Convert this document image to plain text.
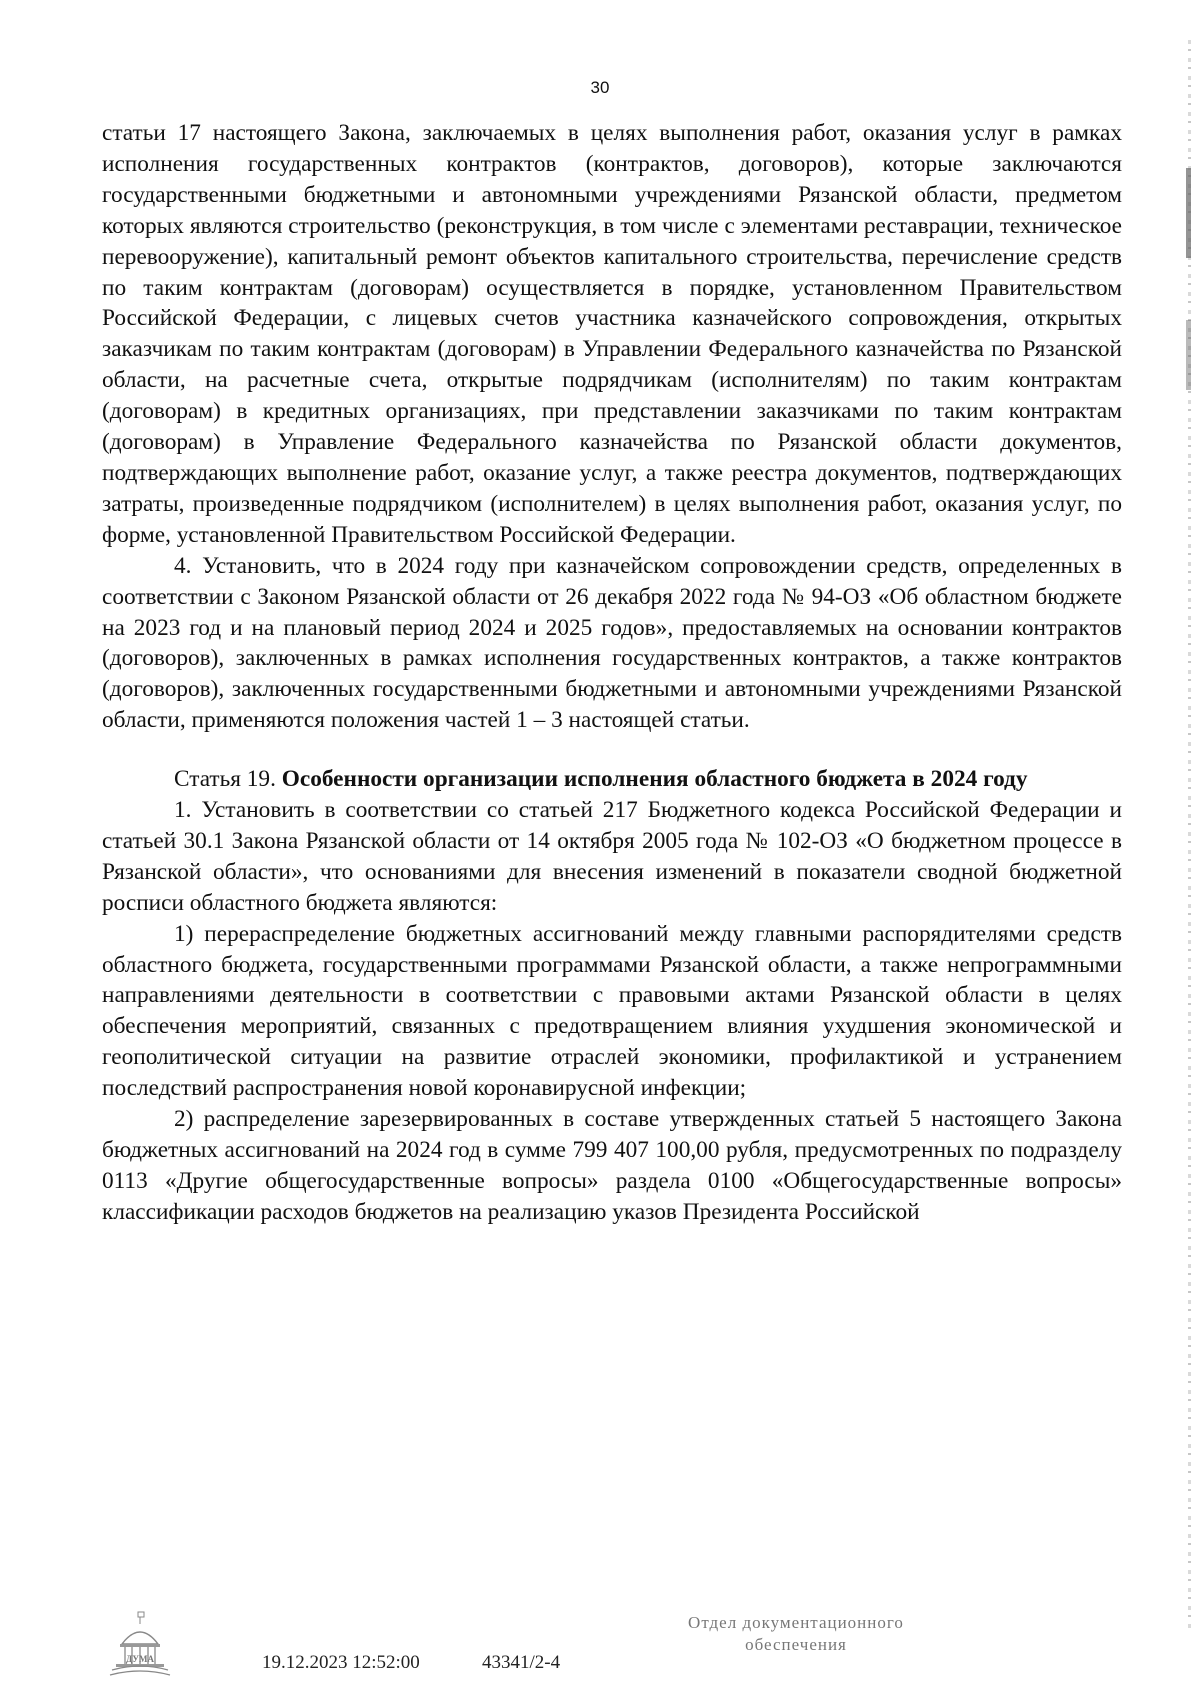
30

статьи 17 настоящего Закона, заключаемых в целях выполнения работ, оказания услуг в рамках исполнения государственных контрактов (контрактов, договоров), которые заключаются государственными бюджетными и автономными учреждениями Рязанской области, предметом которых являются строительство (реконструкция, в том числе с элементами реставрации, техническое перевооружение), капитальный ремонт объектов капитального строительства, перечисление средств по таким контрактам (договорам) осуществляется в порядке, установленном Правительством Российской Федерации, с лицевых счетов участника казначейского сопровождения, открытых заказчикам по таким контрактам (договорам) в Управлении Федерального казначейства по Рязанской области, на расчетные счета, открытые подрядчикам (исполнителям) по таким контрактам (договорам) в кредитных организациях, при представлении заказчиками по таким контрактам (договорам) в Управление Федерального казначейства по Рязанской области документов, подтверждающих выполнение работ, оказание услуг, а также реестра документов, подтверждающих затраты, произведенные подрядчиком (исполнителем) в целях выполнения работ, оказания услуг, по форме, установленной Правительством Российской Федерации.

4. Установить, что в 2024 году при казначейском сопровождении средств, определенных в соответствии с Законом Рязанской области от 26 декабря 2022 года № 94-ОЗ «Об областном бюджете на 2023 год и на плановый период 2024 и 2025 годов», предоставляемых на основании контрактов (договоров), заключенных в рамках исполнения государственных контрактов, а также контрактов (договоров), заключенных государственными бюджетными и автономными учреждениями Рязанской области, применяются положения частей 1 – 3 настоящей статьи.

Статья 19. Особенности организации исполнения областного бюджета в 2024 году

1. Установить в соответствии со статьей 217 Бюджетного кодекса Российской Федерации и статьей 30.1 Закона Рязанской области от 14 октября 2005 года № 102-ОЗ «О бюджетном процессе в Рязанской области», что основаниями для внесения изменений в показатели сводной бюджетной росписи областного бюджета являются:

1) перераспределение бюджетных ассигнований между главными распорядителями средств областного бюджета, государственными программами Рязанской области, а также непрограммными направлениями деятельности в соответствии с правовыми актами Рязанской области в целях обеспечения мероприятий, связанных с предотвращением влияния ухудшения экономической и геополитической ситуации на развитие отраслей экономики, профилактикой и устранением последствий распространения новой коронавирусной инфекции;

2) распределение зарезервированных в составе утвержденных статьей 5 настоящего Закона бюджетных ассигнований на 2024 год в сумме 799 407 100,00 рубля, предусмотренных по подразделу 0113 «Другие общегосударственные вопросы» раздела 0100 «Общегосударственные вопросы» классификации расходов бюджетов на реализацию указов Президента Российской

ДУМА	19.12.2023 12:52:00	43341/2-4
Отдел документационного
обеспечения
